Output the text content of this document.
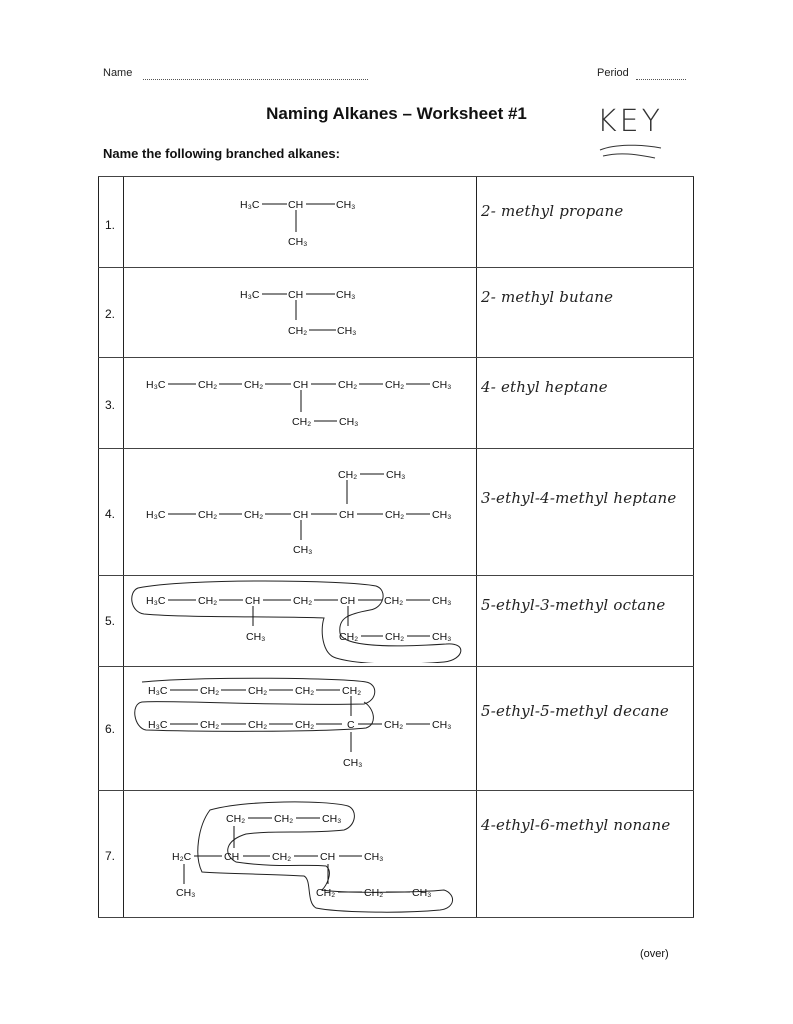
Name	Period
Naming Alkanes – Worksheet #1	KEY
Name the following branched alkanes:
1.
H₃C	CH	CH₃
CH₃
2- methyl propane
2.
H₃C	CH	CH₃
CH₂	CH₃
2- methyl butane
3.
H₃C	CH₂	CH₂	CH	CH₂	CH₂	CH₃
CH₂	CH₃
4- ethyl heptane
4.
CH₂	CH₃
H₃C	CH₂	CH₂	CH	CH	CH₂	CH₃
CH₃
3-ethyl-4-methyl heptane
5.
H₃C	CH₂	CH	CH₂	CH	CH₂	CH₃
CH₃	CH₂	CH₂	CH₃
5-ethyl-3-methyl octane
6.
H₃C	CH₂	CH₂	CH₂	CH₂
H₃C	CH₂	CH₂	CH₂	C	CH₂	CH₃
CH₃
5-ethyl-5-methyl decane
7.
CH₂	CH₂	CH₃
H₂C	CH	CH₂	CH	CH₃
CH₃	CH₂	CH₂	CH₃
4-ethyl-6-methyl nonane
(over)
